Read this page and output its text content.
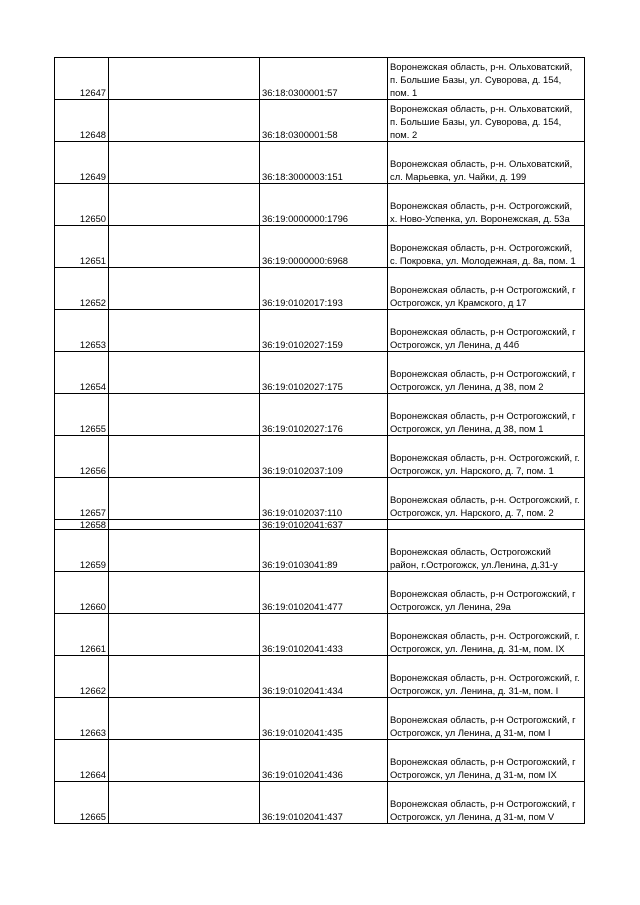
12647		36:18:0300001:57	Воронежская область, р-н. Ольховатский, п. Большие Базы, ул. Суворова, д. 154, пом. 1
12648		36:18:0300001:58	Воронежская область, р-н. Ольховатский, п. Большие Базы, ул. Суворова, д. 154, пом. 2
12649		36:18:3000003:151	Воронежская область, р-н. Ольховатский, сл. Марьевка, ул. Чайки, д. 199
12650		36:19:0000000:1796	Воронежская область, р-н. Острогожский, х. Ново-Успенка, ул. Воронежская, д. 53а
12651		36:19:0000000:6968	Воронежская область, р-н. Острогожский, с. Покровка, ул. Молодежная, д. 8а, пом. 1
12652		36:19:0102017:193	Воронежская область, р-н Острогожский, г Острогожск, ул Крамского, д 17
12653		36:19:0102027:159	Воронежская область, р-н Острогожский, г Острогожск, ул Ленина, д 44б
12654		36:19:0102027:175	Воронежская область, р-н Острогожский, г Острогожск, ул Ленина, д 38, пом 2
12655		36:19:0102027:176	Воронежская область, р-н Острогожский, г Острогожск, ул Ленина, д 38, пом 1
12656		36:19:0102037:109	Воронежская область, р-н. Острогожский, г. Острогожск, ул. Нарского, д. 7, пом. 1
12657		36:19:0102037:110	Воронежская область, р-н. Острогожский, г. Острогожск, ул. Нарского, д. 7, пом. 2
12658		36:19:0102041:637	
12659		36:19:0103041:89	Воронежская область, Острогожский район, г.Острогожск, ул.Ленина, д.31-у
12660		36:19:0102041:477	Воронежская область, р-н Острогожский, г Острогожск, ул Ленина, 29а
12661		36:19:0102041:433	Воронежская область, р-н. Острогожский, г. Острогожск, ул. Ленина, д. 31-м, пом. IX
12662		36:19:0102041:434	Воронежская область, р-н. Острогожский, г. Острогожск, ул. Ленина, д. 31-м, пом. I
12663		36:19:0102041:435	Воронежская область, р-н Острогожский, г Острогожск, ул Ленина, д 31-м, пом I
12664		36:19:0102041:436	Воронежская область, р-н Острогожский, г Острогожск, ул Ленина, д 31-м, пом IX
12665		36:19:0102041:437	Воронежская область, р-н Острогожский, г Острогожск, ул Ленина, д 31-м, пом V
